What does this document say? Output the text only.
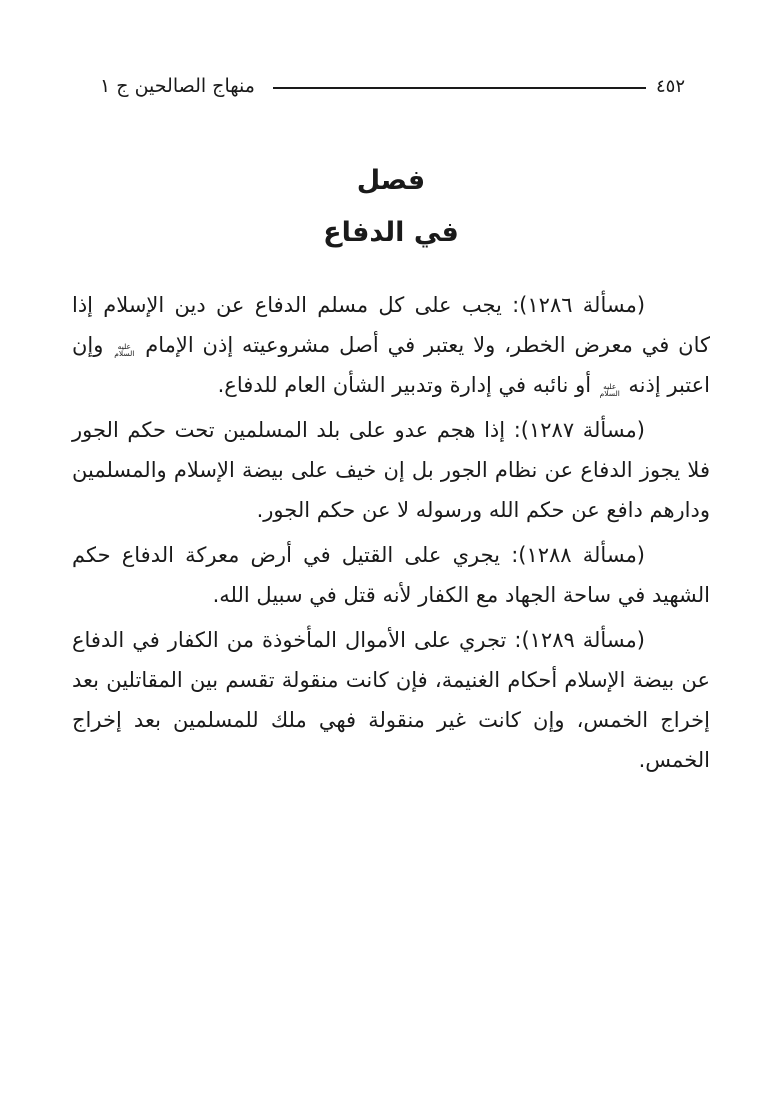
٤٥٢
منهاج الصالحين ج ١
فصل
في الدفاع

(مسألة ١٢٨٦): يجب على كل مسلم الدفاع عن دين الإسلام إذا كان في معرض الخطر، ولا يعتبر في أصل مشروعيته إذن الإمام عليه السلام وإن اعتبر إذنه عليه السلام أو نائبه في إدارة وتدبير الشأن العام للدفاع.

(مسألة ١٢٨٧): إذا هجم عدو على بلد المسلمين تحت حكم الجور فلا يجوز الدفاع عن نظام الجور بل إن خيف على بيضة الإسلام والمسلمين ودارهم دافع عن حكم الله ورسوله لا عن حكم الجور.

(مسألة ١٢٨٨): يجري على القتيل في أرض معركة الدفاع حكم الشهيد في ساحة الجهاد مع الكفار لأنه قتل في سبيل الله.

(مسألة ١٢٨٩): تجري على الأموال المأخوذة من الكفار في الدفاع عن بيضة الإسلام أحكام الغنيمة، فإن كانت منقولة تقسم بين المقاتلين بعد إخراج الخمس، وإن كانت غير منقولة فهي ملك للمسلمين بعد إخراج الخمس.
